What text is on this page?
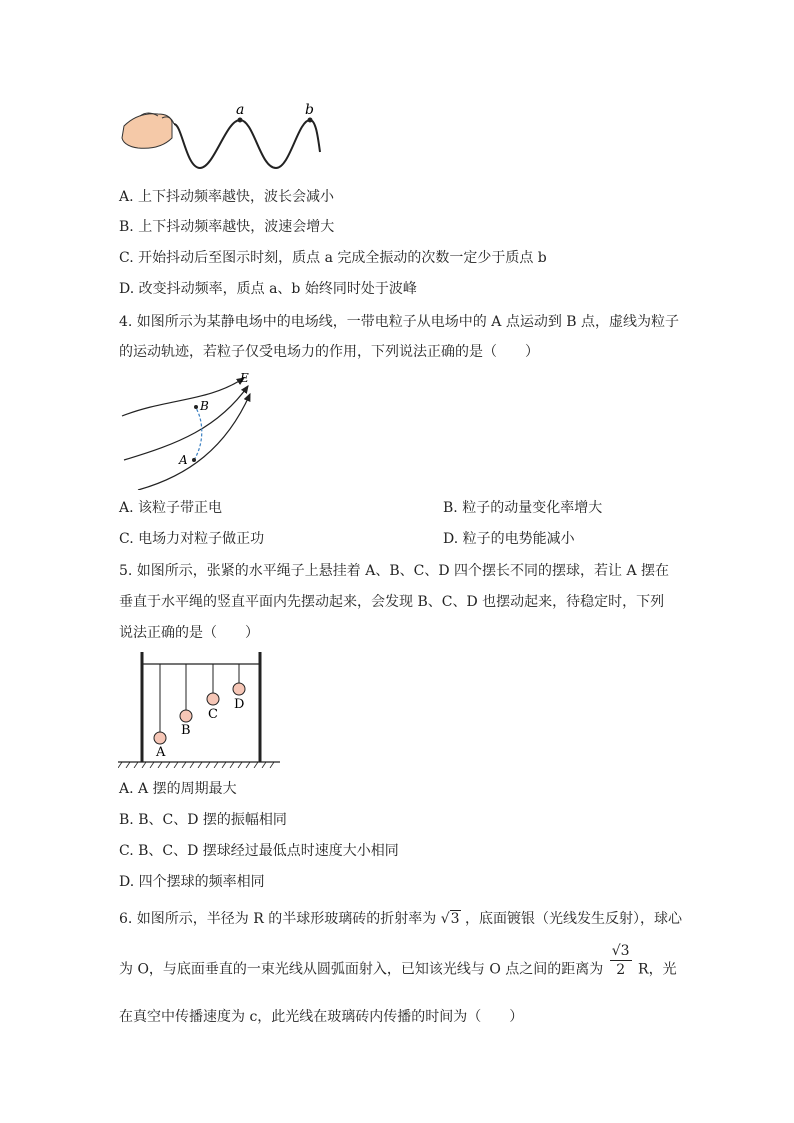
a	b
A. 上下抖动频率越快，波长会减小
B. 上下抖动频率越快，波速会增大
C. 开始抖动后至图示时刻，质点 a 完成全振动的次数一定少于质点 b
D. 改变抖动频率，质点 a、b 始终同时处于波峰
4. 如图所示为某静电场中的电场线，一带电粒子从电场中的 A 点运动到 B 点，虚线为粒子
的运动轨迹，若粒子仅受电场力的作用，下列说法正确的是（　　）
E
B
A
A. 该粒子带正电	B. 粒子的动量变化率增大
C. 电场力对粒子做正功	D. 粒子的电势能减小
5. 如图所示，张紧的水平绳子上悬挂着 A、B、C、D 四个摆长不同的摆球，若让 A 摆在
垂直于水平绳的竖直平面内先摆动起来，会发现 B、C、D 也摆动起来，待稳定时，下列
说法正确的是（　　）
A
B
C
D
A. A 摆的周期最大
B. B、C、D 摆的振幅相同
C. B、C、D 摆球经过最低点时速度大小相同
D. 四个摆球的频率相同
6. 如图所示，半径为 R 的半球形玻璃砖的折射率为 √3 ，底面镀银（光线发生反射），球心
为 O，与底面垂直的一束光线从圆弧面射入，已知该光线与 O 点之间的距离为 $\frac{√3}{2}$ R，光
在真空中传播速度为 c，此光线在玻璃砖内传播的时间为（　　）
